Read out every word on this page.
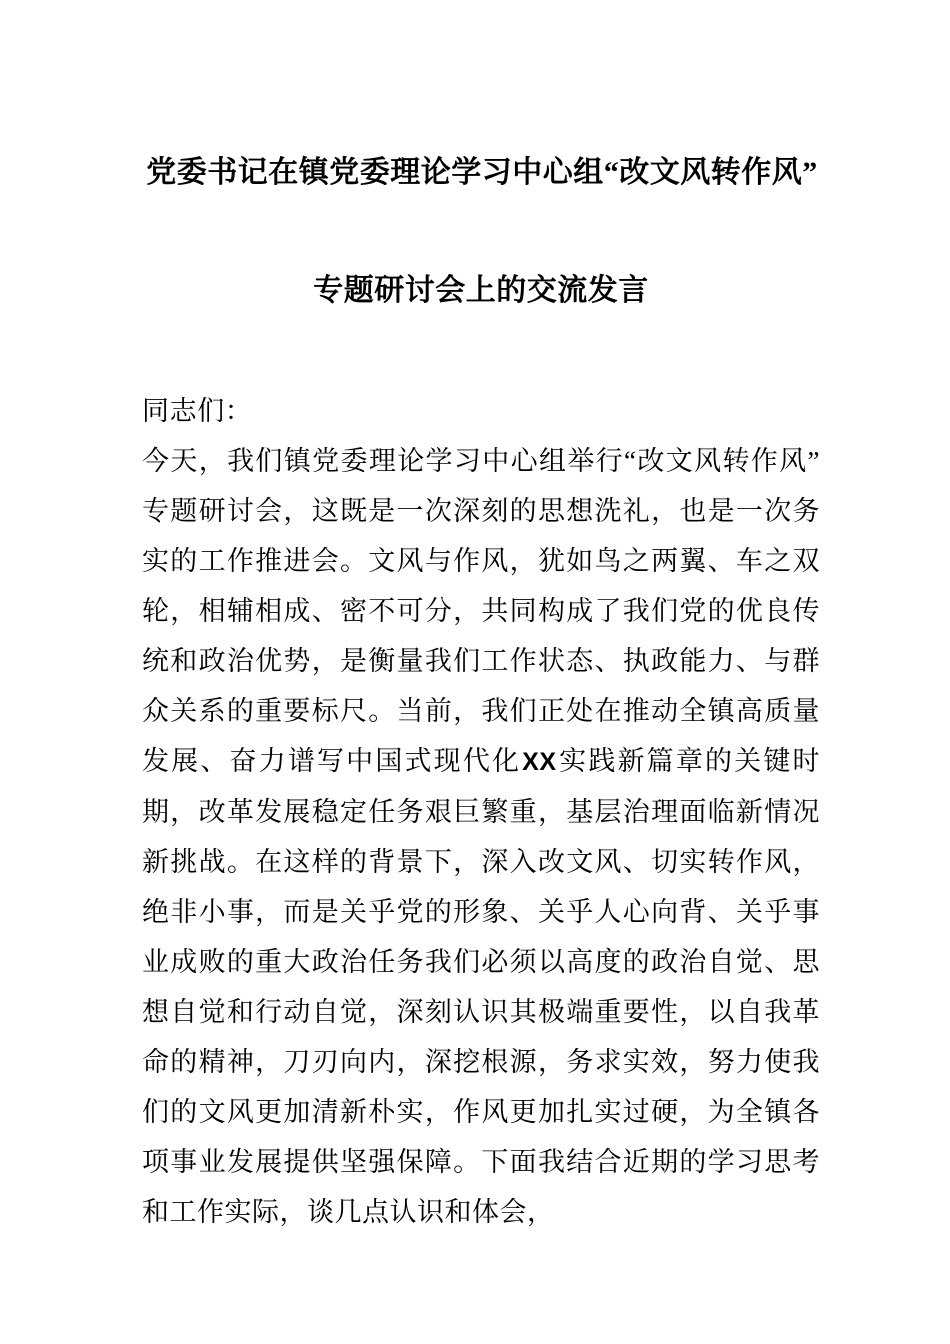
党委书记在镇党委理论学习中心组“改文风转作风”
专题研讨会上的交流发言

同志们：

今天，我们镇党委理论学习中心组举行“改文风转作风”专题研讨会，这既是一次深刻的思想洗礼，也是一次务实的工作推进会。文风与作风，犹如鸟之两翼、车之双轮，相辅相成、密不可分，共同构成了我们党的优良传统和政治优势，是衡量我们工作状态、执政能力、与群众关系的重要标尺。当前，我们正处在推动全镇高质量发展、奋力谱写中国式现代化XX实践新篇章的关键时期，改革发展稳定任务艰巨繁重，基层治理面临新情况新挑战。在这样的背景下，深入改文风、切实转作风，绝非小事，而是关乎党的形象、关乎人心向背、关乎事业成败的重大政治任务我们必须以高度的政治自觉、思想自觉和行动自觉，深刻认识其极端重要性，以自我革命的精神，刀刃向内，深挖根源，务求实效，努力使我们的文风更加清新朴实，作风更加扎实过硬，为全镇各项事业发展提供坚强保障。下面我结合近期的学习思考和工作实际，谈几点认识和体会，
